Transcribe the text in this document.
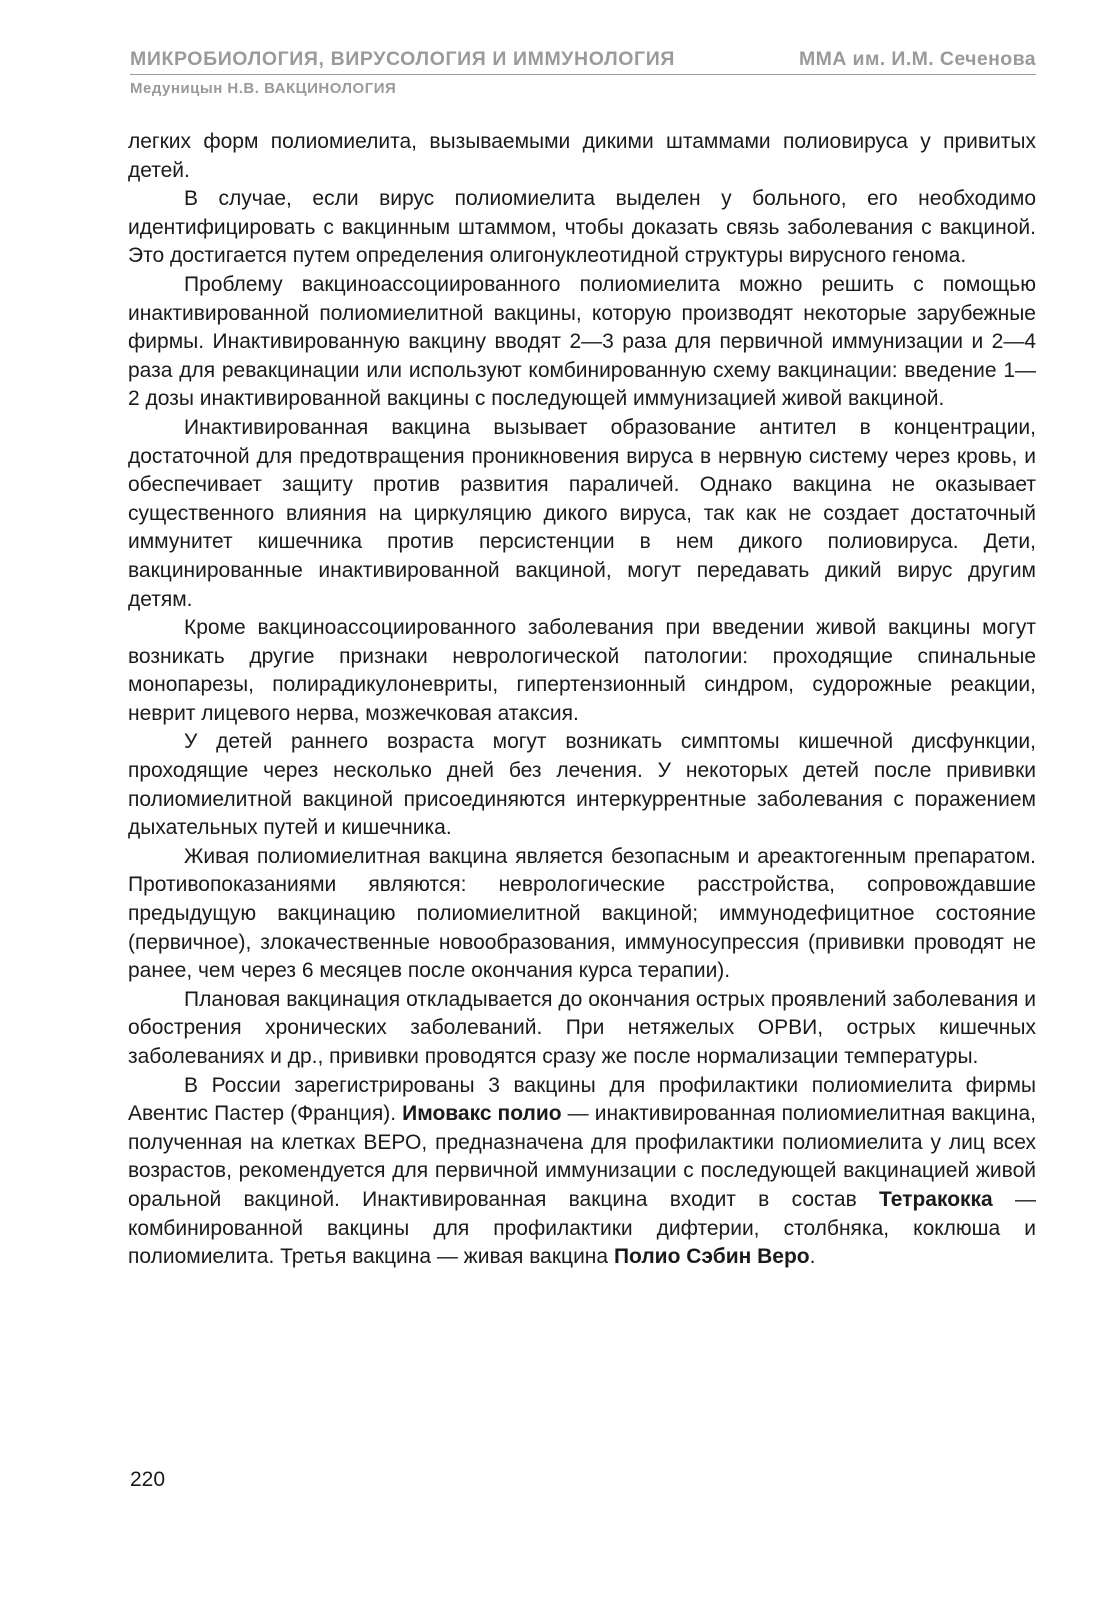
МИКРОБИОЛОГИЯ, ВИРУСОЛОГИЯ И ИММУНОЛОГИЯ	ММА им. И.М. Сеченова
Медуницын Н.В. ВАКЦИНОЛОГИЯ

легких форм полиомиелита, вызываемыми дикими штаммами полиовируса у привитых детей.

В случае, если вирус полиомиелита выделен у больного, его необходимо идентифицировать с вакцинным штаммом, чтобы доказать связь заболевания с вакциной. Это достигается путем определения олигонуклеотидной структуры вирусного генома.

Проблему вакциноассоциированного полиомиелита можно решить с помощью инактивированной полиомиелитной вакцины, которую производят некоторые зарубежные фирмы. Инактивированную вакцину вводят 2—3 раза для первичной иммунизации и 2—4 раза для ревакцинации или используют комбинированную схему вакцинации: введение 1—2 дозы инактивированной вакцины с последующей иммунизацией живой вакциной.

Инактивированная вакцина вызывает образование антител в концентрации, достаточной для предотвращения проникновения вируса в нервную систему через кровь, и обеспечивает защиту против развития параличей. Однако вакцина не оказывает существенного влияния на циркуляцию дикого вируса, так как не создает достаточный иммунитет кишечника против персистенции в нем дикого полиовируса. Дети, вакцинированные инактивированной вакциной, могут передавать дикий вирус другим детям.

Кроме вакциноассоциированного заболевания при введении живой вакцины могут возникать другие признаки неврологической патологии: проходящие спинальные монопарезы, полирадикулоневриты, гипертензионный синдром, судорожные реакции, неврит лицевого нерва, мозжечковая атаксия.

У детей раннего возраста могут возникать симптомы кишечной дисфункции, проходящие через несколько дней без лечения. У некоторых детей после прививки полиомиелитной вакциной присоединяются интеркуррентные заболевания с поражением дыхательных путей и кишечника.

Живая полиомиелитная вакцина является безопасным и ареактогенным препаратом. Противопоказаниями являются: неврологические расстройства, сопровождавшие предыдущую вакцинацию полиомиелитной вакциной; иммунодефицитное состояние (первичное), злокачественные новообразования, иммуносупрессия (прививки проводят не ранее, чем через 6 месяцев после окончания курса терапии).

Плановая вакцинация откладывается до окончания острых проявлений заболевания и обострения хронических заболеваний. При нетяжелых ОРВИ, острых кишечных заболеваниях и др., прививки проводятся сразу же после нормализации температуры.

В России зарегистрированы 3 вакцины для профилактики полиомиелита фирмы Авентис Пастер (Франция). Имовакс полио — инактивированная полиомиелитная вакцина, полученная на клетках ВЕРО, предназначена для профилактики полиомиелита у лиц всех возрастов, рекомендуется для первичной иммунизации с последующей вакцинацией живой оральной вакциной. Инактивированная вакцина входит в состав Тетракокка — комбинированной вакцины для профилактики дифтерии, столбняка, коклюша и полиомиелита. Третья вакцина — живая вакцина Полио Сэбин Веро.

220
